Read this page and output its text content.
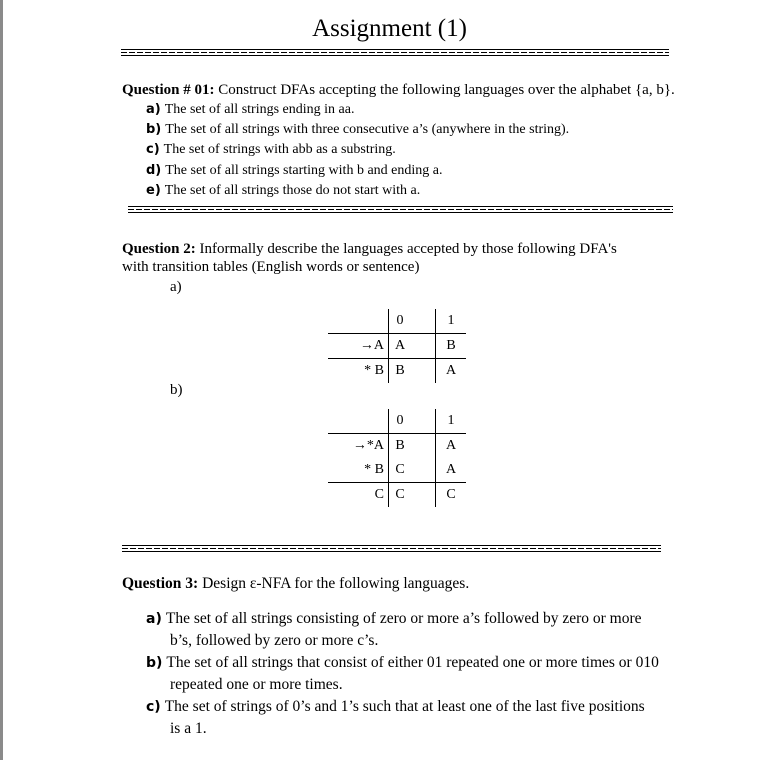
Assignment (1)
Question # 01: Construct DFAs accepting the following languages over the alphabet {a, b}.
a) The set of all strings ending in aa.
b) The set of all strings with three consecutive a’s (anywhere in the string).
c) The set of strings with abb as a substring.
d) The set of all strings starting with b and ending a.
e) The set of all strings those do not start with a.
Question 2: Informally describe the languages accepted by those following DFA's
with transition tables (English words or sentence)
a)
	0		1
→A	A		B
* B	B		A
b)
	0		1
→*A	B		A
* B	C		A
C	C		C
Question 3: Design ε-NFA for the following languages.
a) The set of all strings consisting of zero or more a’s followed by zero or more
b’s, followed by zero or more c’s.
b) The set of all strings that consist of either 01 repeated one or more times or 010
repeated one or more times.
c) The set of strings of 0’s and 1’s such that at least one of the last five positions
is a 1.
